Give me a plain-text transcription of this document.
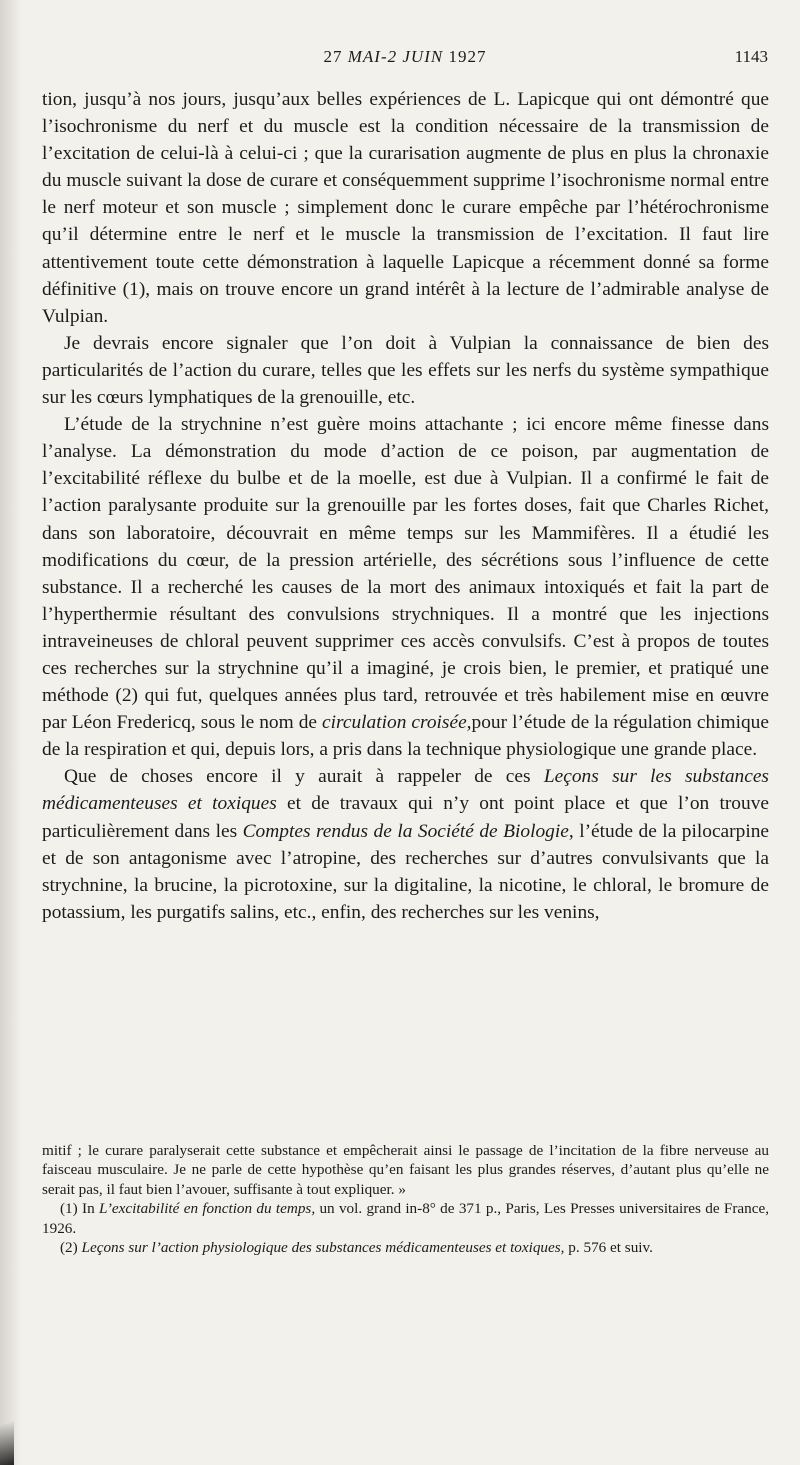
27 MAI-2 JUIN 1927	1143

tion, jusqu’à nos jours, jusqu’aux belles expériences de L. Lapicque qui ont démontré que l’isochronisme du nerf et du muscle est la condition nécessaire de la transmission de l’excitation de celui-là à celui-ci ; que la curarisation augmente de plus en plus la chronaxie du muscle suivant la dose de curare et conséquemment supprime l’isochronisme normal entre le nerf moteur et son muscle ; simplement donc le curare empêche par l’hétérochronisme qu’il détermine entre le nerf et le muscle la transmission de l’excitation. Il faut lire attentivement toute cette démonstration à laquelle Lapicque a récemment donné sa forme définitive (1), mais on trouve encore un grand intérêt à la lecture de l’admirable analyse de Vulpian.

Je devrais encore signaler que l’on doit à Vulpian la connaissance de bien des particularités de l’action du curare, telles que les effets sur les nerfs du système sympathique sur les cœurs lymphatiques de la grenouille, etc.

L’étude de la strychnine n’est guère moins attachante ; ici encore même finesse dans l’analyse. La démonstration du mode d’action de ce poison, par augmentation de l’excitabilité réflexe du bulbe et de la moelle, est due à Vulpian. Il a confirmé le fait de l’action paralysante produite sur la grenouille par les fortes doses, fait que Charles Richet, dans son laboratoire, découvrait en même temps sur les Mammifères. Il a étudié les modifications du cœur, de la pression artérielle, des sécrétions sous l’influence de cette substance. Il a recherché les causes de la mort des animaux intoxiqués et fait la part de l’hyperthermie résultant des convulsions strychniques. Il a montré que les injections intraveineuses de chloral peuvent supprimer ces accès convulsifs. C’est à propos de toutes ces recherches sur la strychnine qu’il a imaginé, je crois bien, le premier, et pratiqué une méthode (2) qui fut, quelques années plus tard, retrouvée et très habilement mise en œuvre par Léon Fredericq, sous le nom de circulation croisée,pour l’étude de la régulation chimique de la respiration et qui, depuis lors, a pris dans la technique physiologique une grande place.

Que de choses encore il y aurait à rappeler de ces Leçons sur les substances médicamenteuses et toxiques et de travaux qui n’y ont point place et que l’on trouve particulièrement dans les Comptes rendus de la Société de Biologie, l’étude de la pilocarpine et de son antagonisme avec l’atropine, des recherches sur d’autres convulsivants que la strychnine, la brucine, la picrotoxine, sur la digitaline, la nicotine, le chloral, le bromure de potassium, les purgatifs salins, etc., enfin, des recherches sur les venins,

mitif ; le curare paralyserait cette substance et empêcherait ainsi le passage de l’incitation de la fibre nerveuse au faisceau musculaire. Je ne parle de cette hypothèse qu’en faisant les plus grandes réserves, d’autant plus qu’elle ne serait pas, il faut bien l’avouer, suffisante à tout expliquer. »

(1) In L’excitabilité en fonction du temps, un vol. grand in-8° de 371 p., Paris, Les Presses universitaires de France, 1926.

(2) Leçons sur l’action physiologique des substances médicamenteuses et toxiques, p. 576 et suiv.
